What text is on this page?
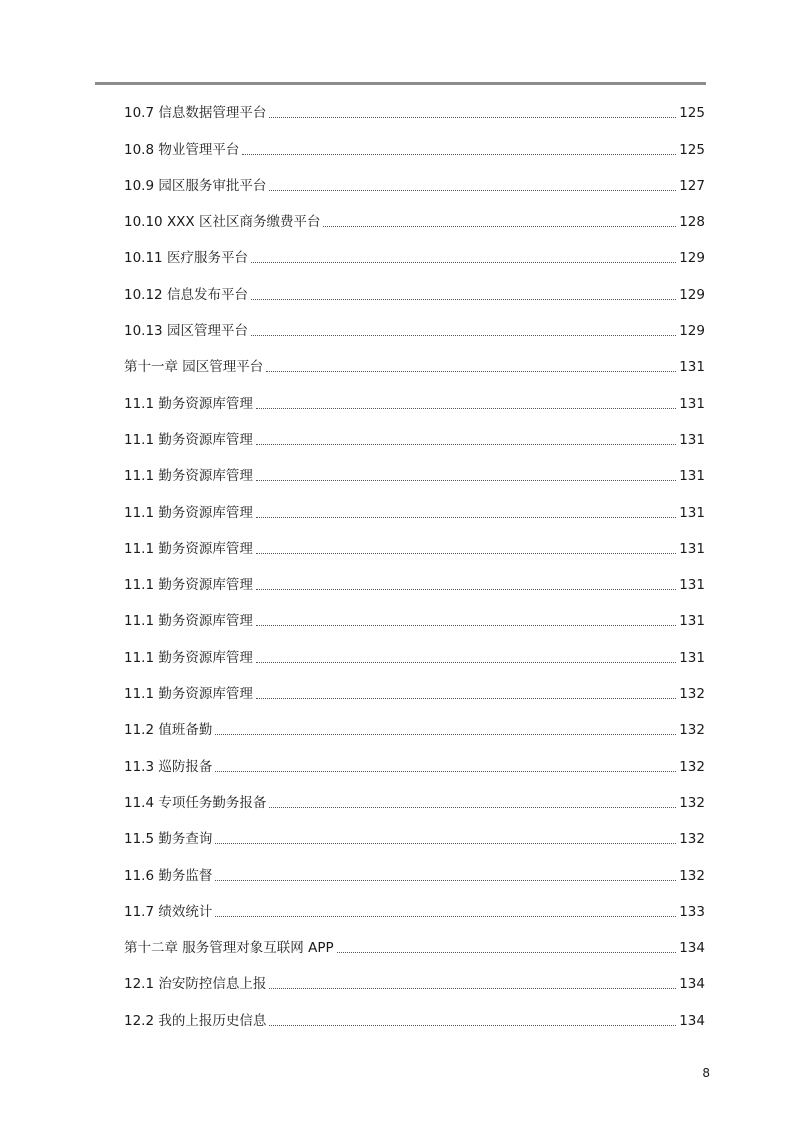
10.7 信息数据管理平台	125
10.8 物业管理平台	125
10.9 园区服务审批平台	127
10.10 XXX 区社区商务缴费平台	128
10.11 医疗服务平台	129
10.12 信息发布平台	129
10.13 园区管理平台	129
第十一章 园区管理平台	131
11.1 勤务资源库管理	131
11.1 勤务资源库管理	131
11.1 勤务资源库管理	131
11.1 勤务资源库管理	131
11.1 勤务资源库管理	131
11.1 勤务资源库管理	131
11.1 勤务资源库管理	131
11.1 勤务资源库管理	131
11.1 勤务资源库管理	132
11.2 值班备勤	132
11.3 巡防报备	132
11.4 专项任务勤务报备	132
11.5 勤务查询	132
11.6 勤务监督	132
11.7 绩效统计	133
第十二章 服务管理对象互联网 APP	134
12.1 治安防控信息上报	134
12.2 我的上报历史信息	134
8
